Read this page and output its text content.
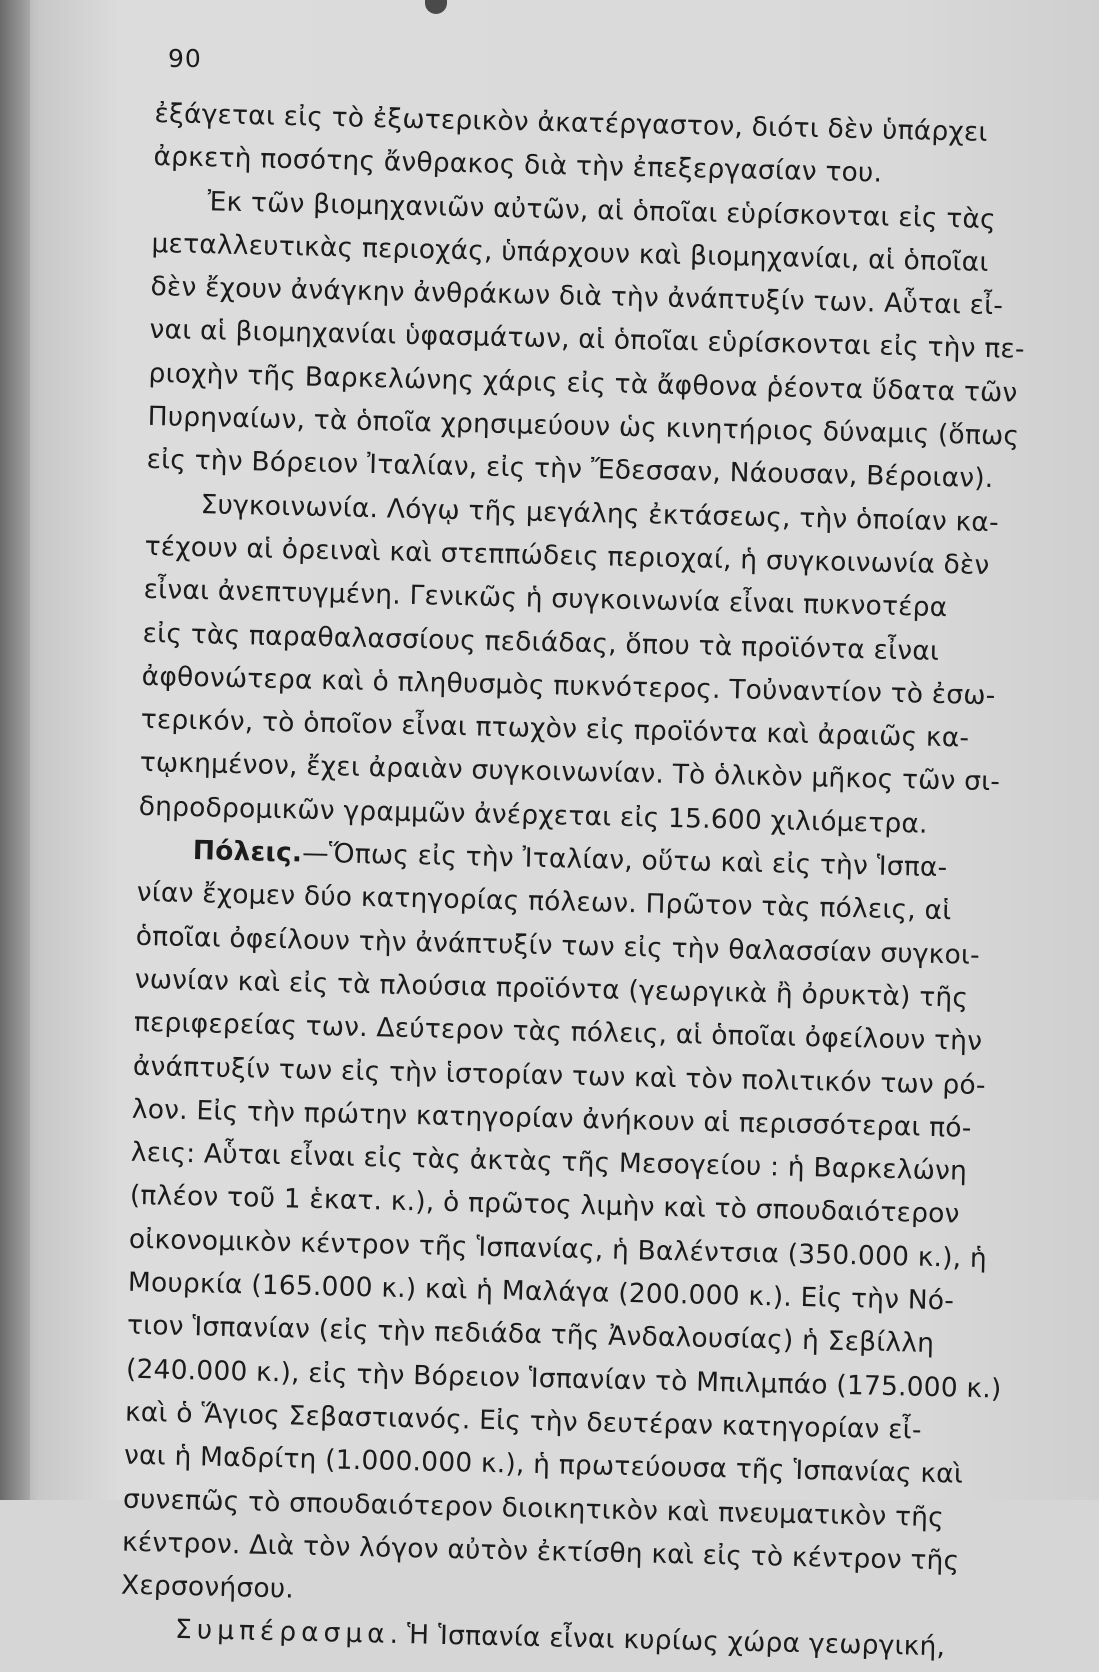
90
ἐξάγεται εἰς τὸ ἐξωτερικὸν ἀκατέργαστον, διότι δὲν ὑπάρχει
ἀρκετὴ ποσότης ἄνθρακος διὰ τὴν ἐπεξεργασίαν του.
Ἐκ τῶν βιομηχανιῶν αὐτῶν, αἱ ὁποῖαι εὑρίσκονται εἰς τὰς
μεταλλευτικὰς περιοχάς, ὑπάρχουν καὶ βιομηχανίαι, αἱ ὁποῖαι
δὲν ἔχουν ἀνάγκην ἀνθράκων διὰ τὴν ἀνάπτυξίν των. Αὗται εἶ-
ναι αἱ βιομηχανίαι ὑφασμάτων, αἱ ὁποῖαι εὑρίσκονται εἰς τὴν πε-
ριοχὴν τῆς Βαρκελώνης χάρις εἰς τὰ ἄφθονα ῥέοντα ὕδατα τῶν
Πυρηναίων, τὰ ὁποῖα χρησιμεύουν ὡς κινητήριος δύναμις (ὅπως
εἰς τὴν Βόρειον Ἰταλίαν, εἰς τὴν Ἔδεσσαν, Νάουσαν, Βέροιαν).
Συγκοινωνία. Λόγῳ τῆς μεγάλης ἐκτάσεως, τὴν ὁποίαν κα-
τέχουν αἱ ὀρειναὶ καὶ στεππώδεις περιοχαί, ἡ συγκοινωνία δὲν
εἶναι ἀνεπτυγμένη. Γενικῶς ἡ συγκοινωνία εἶναι πυκνοτέρα
εἰς τὰς παραθαλασσίους πεδιάδας, ὅπου τὰ προϊόντα εἶναι
ἀφθονώτερα καὶ ὁ πληθυσμὸς πυκνότερος. Τοὐναντίον τὸ ἐσω-
τερικόν, τὸ ὁποῖον εἶναι πτωχὸν εἰς προϊόντα καὶ ἀραιῶς κα-
τῳκημένον, ἔχει ἀραιὰν συγκοινωνίαν. Τὸ ὁλικὸν μῆκος τῶν σι-
δηροδρομικῶν γραμμῶν ἀνέρχεται εἰς 15.600 χιλιόμετρα.
Πόλεις.—Ὅπως εἰς τὴν Ἰταλίαν, οὕτω καὶ εἰς τὴν Ἱσπα-
νίαν ἔχομεν δύο κατηγορίας πόλεων. Πρῶτον τὰς πόλεις, αἱ
ὁποῖαι ὀφείλουν τὴν ἀνάπτυξίν των εἰς τὴν θαλασσίαν συγκοι-
νωνίαν καὶ εἰς τὰ πλούσια προϊόντα (γεωργικὰ ἢ ὀρυκτὰ) τῆς
περιφερείας των. Δεύτερον τὰς πόλεις, αἱ ὁποῖαι ὀφείλουν τὴν
ἀνάπτυξίν των εἰς τὴν ἱστορίαν των καὶ τὸν πολιτικόν των ρό-
λον. Εἰς τὴν πρώτην κατηγορίαν ἀνήκουν αἱ περισσότεραι πό-
λεις: Αὗται εἶναι εἰς τὰς ἀκτὰς τῆς Μεσογείου : ἡ Βαρκελώνη
(πλέον τοῦ 1 ἑκατ. κ.), ὁ πρῶτος λιμὴν καὶ τὸ σπουδαιότερον
οἰκονομικὸν κέντρον τῆς Ἱσπανίας, ἡ Βαλέντσια (350.000 κ.), ἡ
Μουρκία (165.000 κ.) καὶ ἡ Μαλάγα (200.000 κ.). Εἰς τὴν Νό-
τιον Ἱσπανίαν (εἰς τὴν πεδιάδα τῆς Ἀνδαλουσίας) ἡ Σεβίλλη
(240.000 κ.), εἰς τὴν Βόρειον Ἱσπανίαν τὸ Μπιλμπάο (175.000 κ.)
καὶ ὁ Ἅγιος Σεβαστιανός. Εἰς τὴν δευτέραν κατηγορίαν εἶ-
ναι ἡ Μαδρίτη (1.000.000 κ.), ἡ πρωτεύουσα τῆς Ἱσπανίας καὶ
συνεπῶς τὸ σπουδαιότερον διοικητικὸν καὶ πνευματικὸν τῆς
κέντρον. Διὰ τὸν λόγον αὐτὸν ἐκτίσθη καὶ εἰς τὸ κέντρον τῆς
Χερσονήσου.
Συμπέρασμα. Ἡ Ἱσπανία εἶναι κυρίως χώρα γεωργική,
